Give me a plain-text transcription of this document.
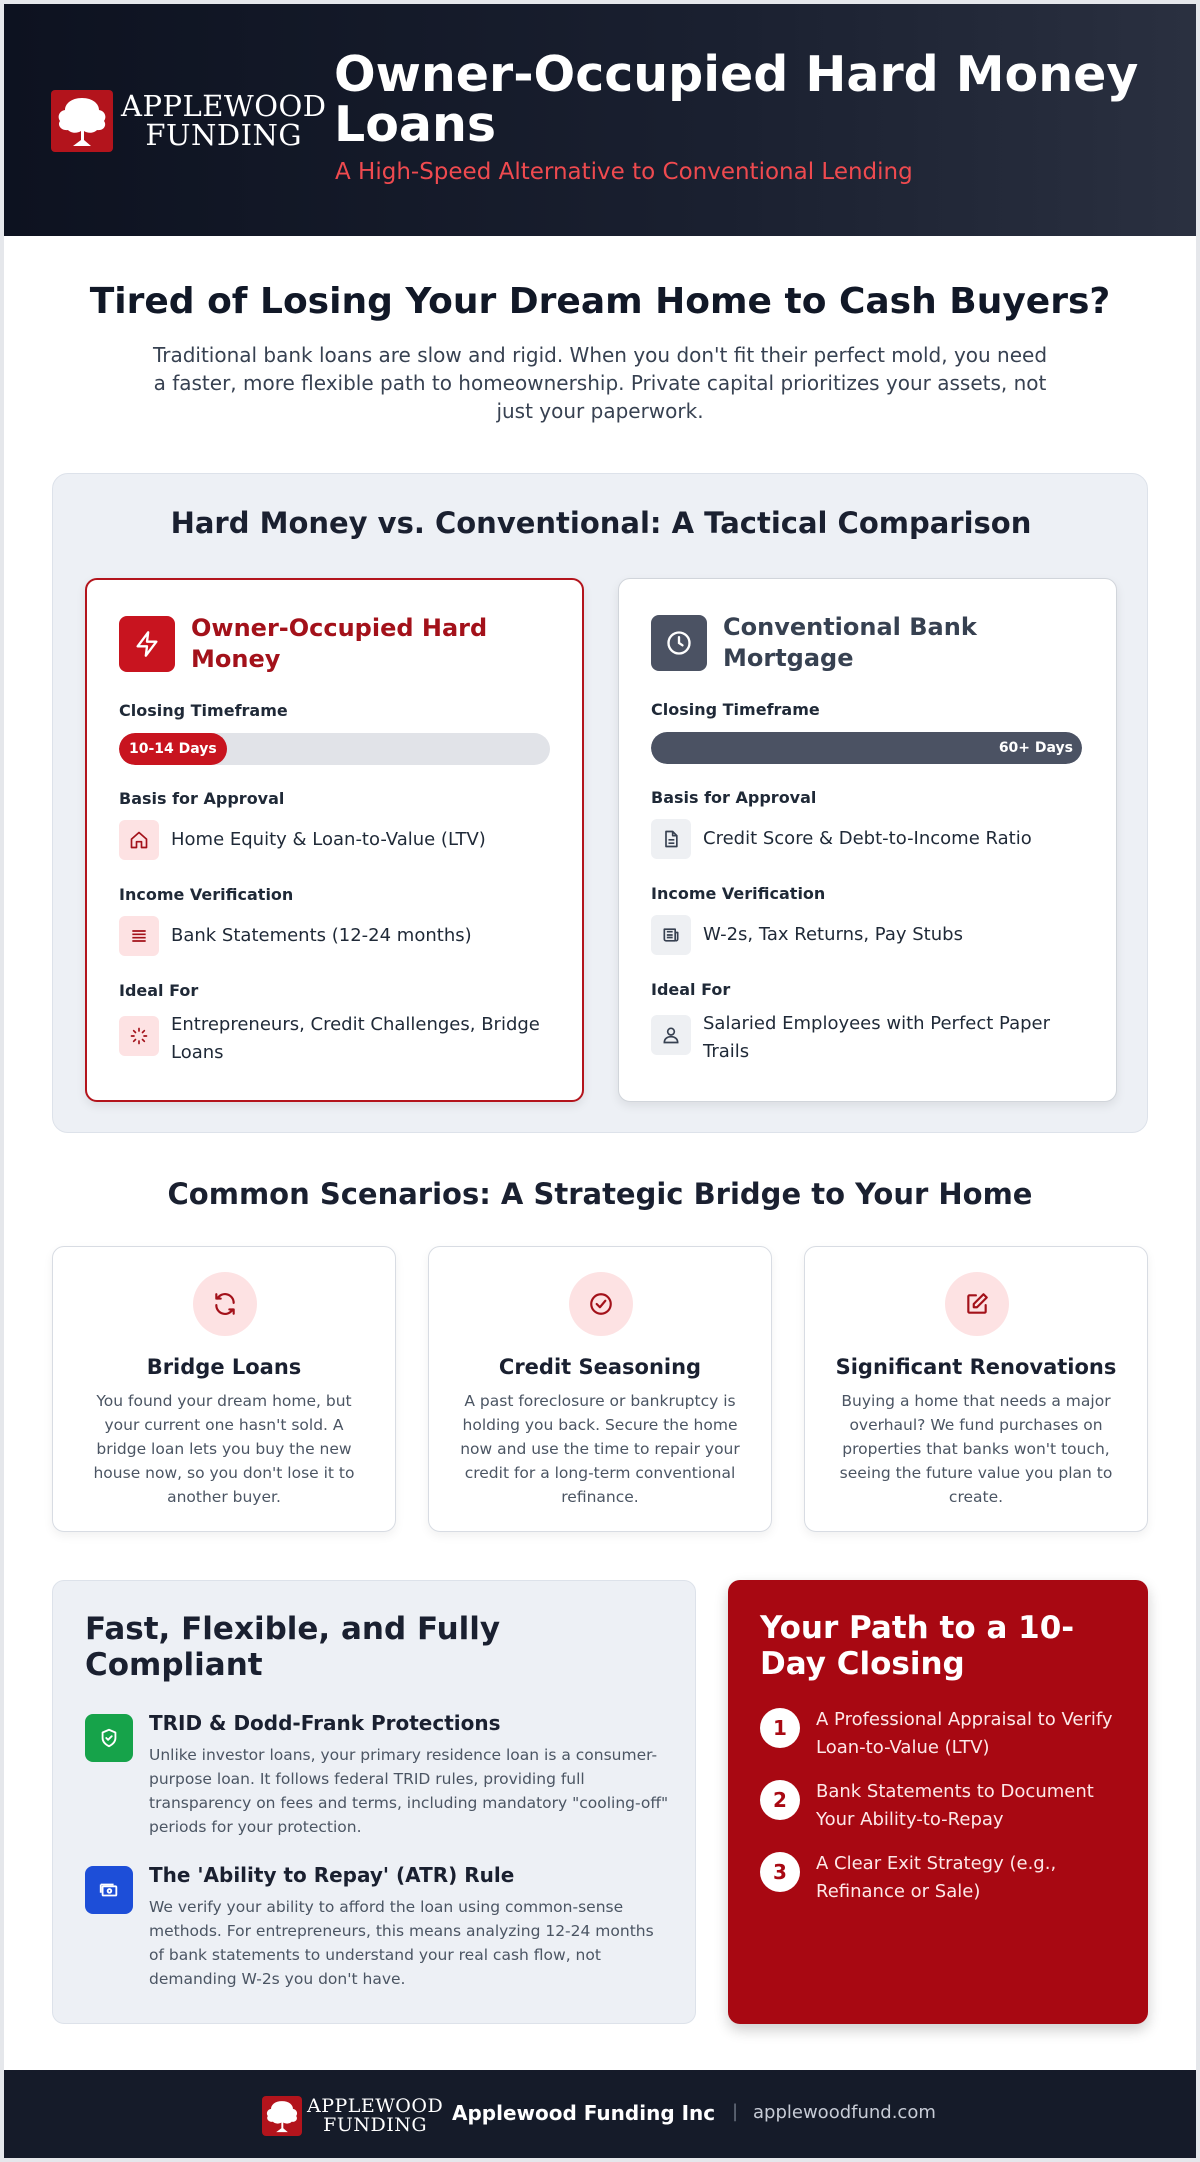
APPLEWOOD
FUNDING
Owner-Occupied Hard Money Loans
A High-Speed Alternative to Conventional Lending
Tired of Losing Your Dream Home to Cash Buyers?
Traditional bank loans are slow and rigid. When you don't fit their perfect mold, you need a faster, more flexible path to homeownership. Private capital prioritizes your assets, not just your paperwork.
Hard Money vs. Conventional: A Tactical Comparison
Owner-Occupied Hard Money
Closing Timeframe
10-14 Days
Basis for Approval
Home Equity & Loan-to-Value (LTV)
Income Verification
Bank Statements (12-24 months)
Ideal For
Entrepreneurs, Credit Challenges, Bridge Loans
Conventional Bank Mortgage
Closing Timeframe
60+ Days
Basis for Approval
Credit Score & Debt-to-Income Ratio
Income Verification
W-2s, Tax Returns, Pay Stubs
Ideal For
Salaried Employees with Perfect Paper Trails
Common Scenarios: A Strategic Bridge to Your Home
Bridge Loans
You found your dream home, but your current one hasn't sold. A bridge loan lets you buy the new house now, so you don't lose it to another buyer.
Credit Seasoning
A past foreclosure or bankruptcy is holding you back. Secure the home now and use the time to repair your credit for a long-term conventional refinance.
Significant Renovations
Buying a home that needs a major overhaul? We fund purchases on properties that banks won't touch, seeing the future value you plan to create.
Fast, Flexible, and Fully Compliant
TRID & Dodd-Frank Protections
Unlike investor loans, your primary residence loan is a consumer-purpose loan. It follows federal TRID rules, providing full transparency on fees and terms, including mandatory "cooling-off" periods for your protection.
The 'Ability to Repay' (ATR) Rule
We verify your ability to afford the loan using common-sense methods. For entrepreneurs, this means analyzing 12-24 months of bank statements to understand your real cash flow, not demanding W-2s you don't have.
Your Path to a 10-Day Closing
1	A Professional Appraisal to Verify Loan-to-Value (LTV)
2	Bank Statements to Document Your Ability-to-Repay
3	A Clear Exit Strategy (e.g., Refinance or Sale)
APPLEWOOD
FUNDING	Applewood Funding Inc | applewoodfund.com
